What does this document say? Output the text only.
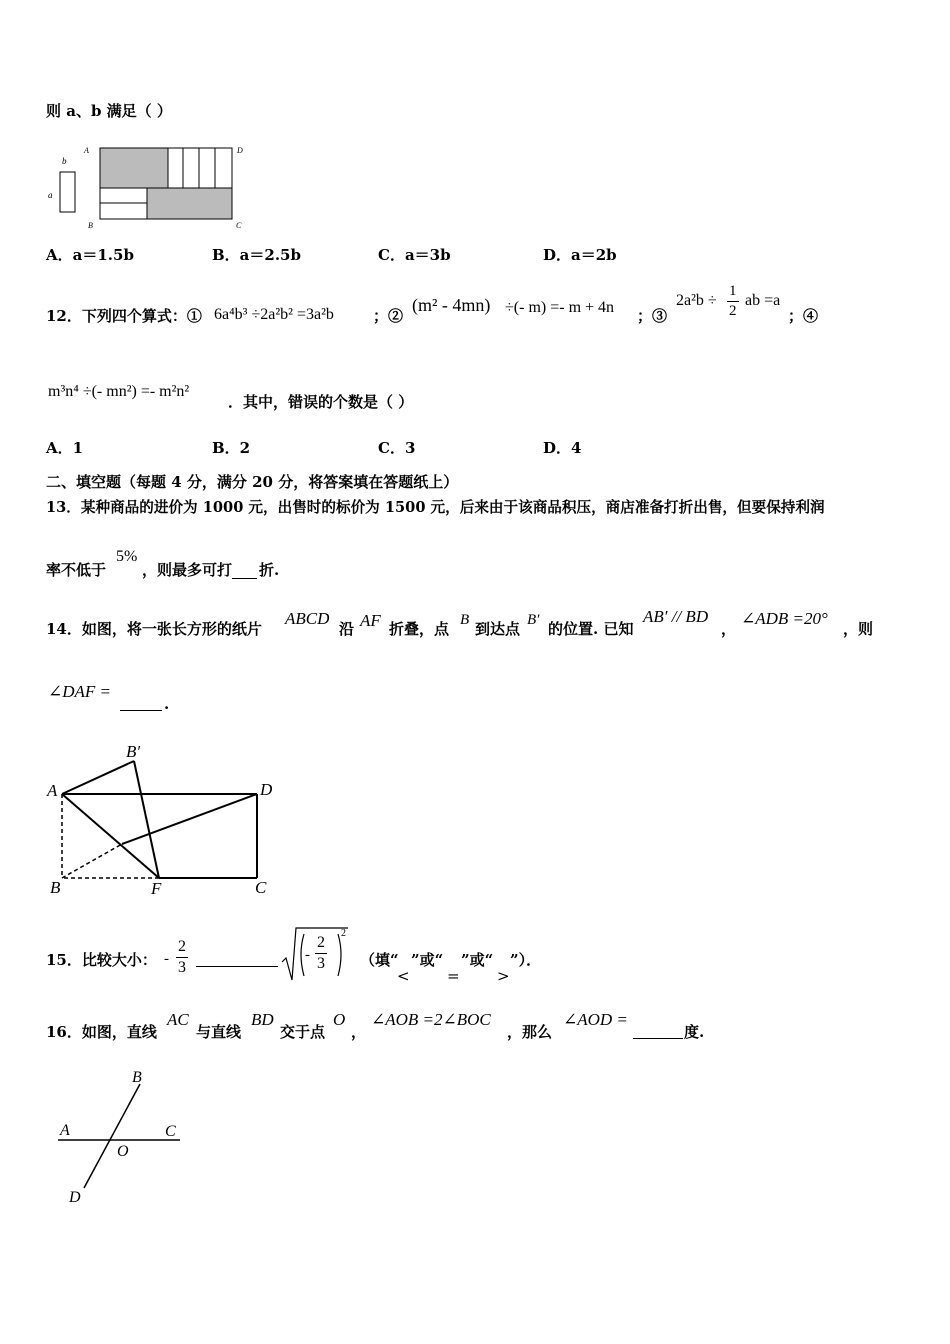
则 a、b 满足（ ）
b
a
A	D
B	C
A．a＝1.5b	B．a＝2.5b	C．a＝3b	D．a＝2b
12．下列四个算式：① 6a⁴b³ ÷2a²b² =3a²b	；②
(m² - 4mn) ÷(- m) =- m + 4n ；③
$2a^2b \div \frac{1}{2}$ ab =a
；④
m³n⁴ ÷(- mn²) =- m²n²
．其中，错误的个数是（ ）
A．1	B．2	C．3	D．4
二、填空题（每题 4 分，满分 20 分，将答案填在答题纸上）
13．某种商品的进价为 1000 元，出售时的标价为 1500 元，后来由于该商品积压，商店准备打折出售，但要保持利润
率不低于
5%
，则最多可打 折.
14．如图，将一张长方形的纸片
ABCD
沿 AF 折叠，点 B 到达点 B′ 的位置. 已知
AB′ // BD
，
∠ADB =20°
，则
∠DAF =
.
A
B′
D
B	F	C
15．比较大小： - $\frac{2}{3}$	- $\frac{2}{3}$
2
（填“
<
”或“
=
”或“
>
”）．
16．如图，直线
AC
与直线
BD
交于点
O
，
∠AOB =2∠BOC
，那么
∠AOD =
度.
B
A	C
O
D
